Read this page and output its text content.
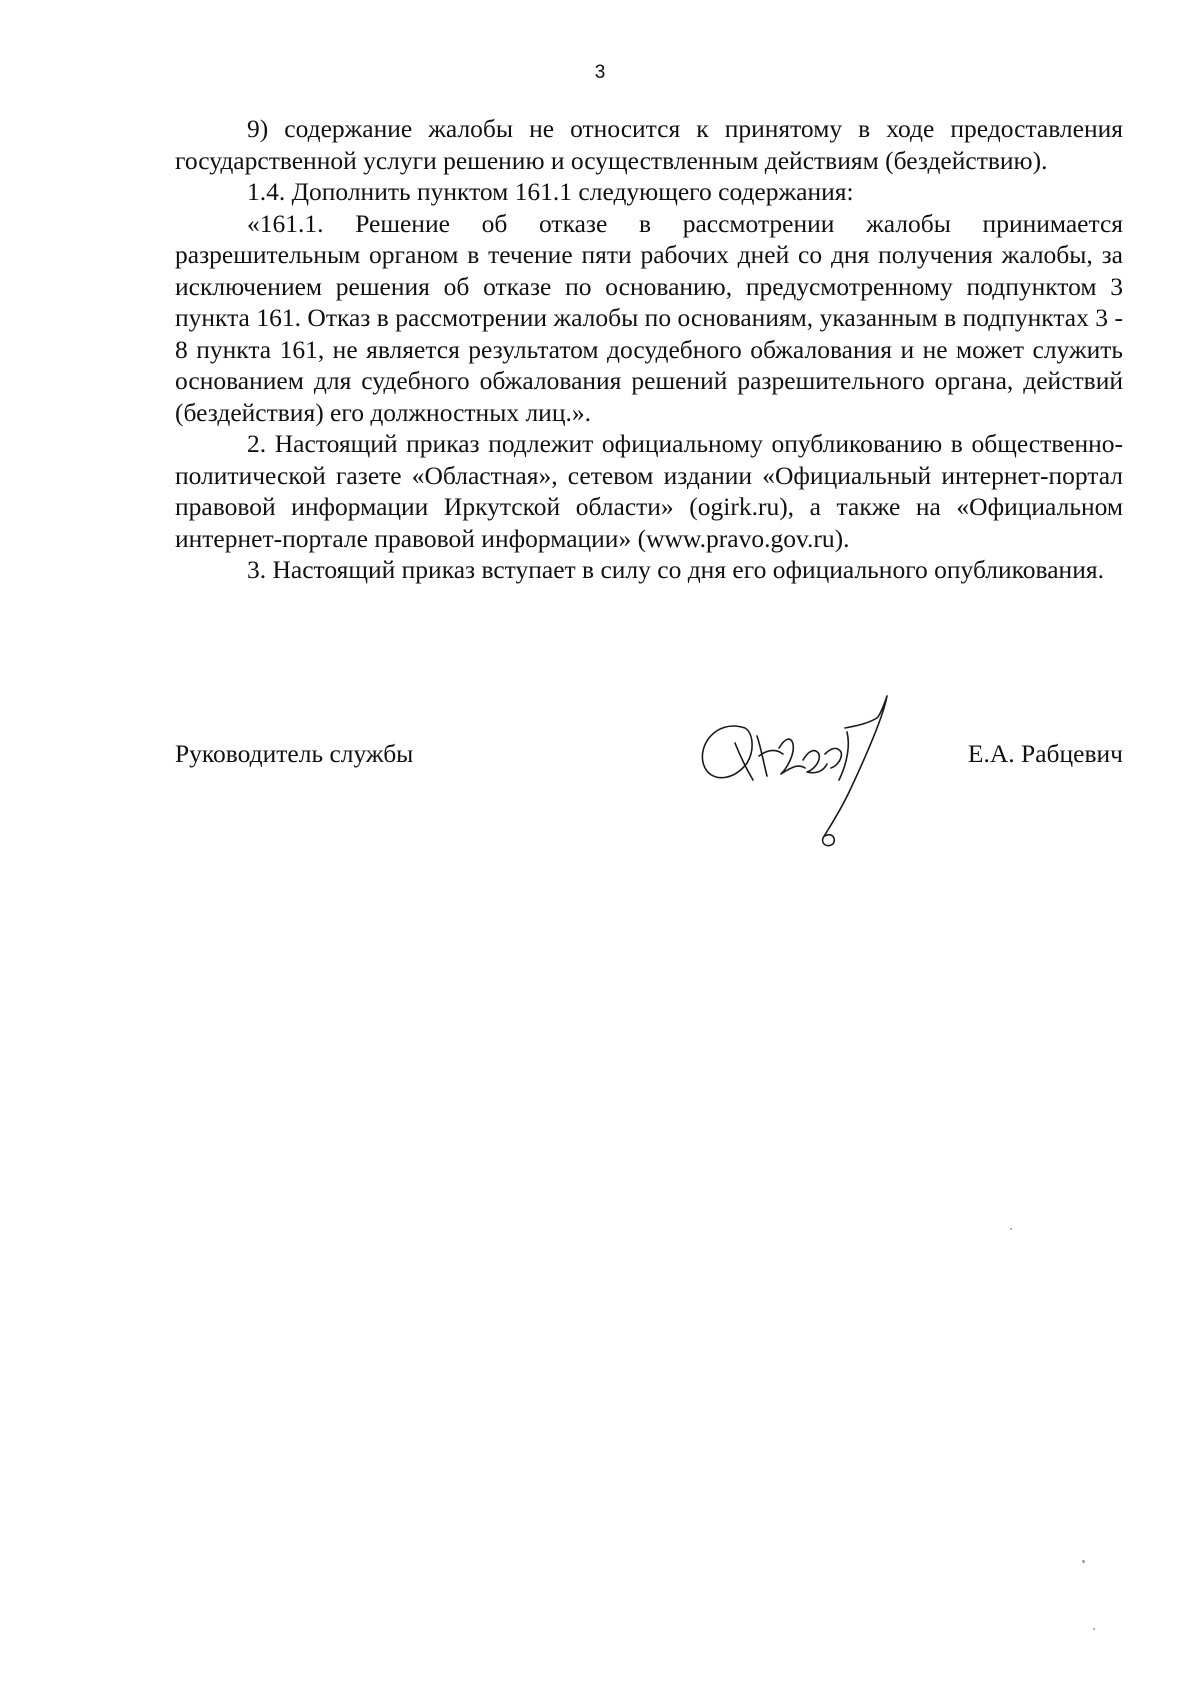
3

9) содержание жалобы не относится к принятому в ходе предоставления государственной услуги решению и осуществленным действиям (бездействию).

1.4. Дополнить пунктом 161.1 следующего содержания:

«161.1. Решение об отказе в рассмотрении жалобы принимается разрешительным органом в течение пяти рабочих дней со дня получения жалобы, за исключением решения об отказе по основанию, предусмотренному подпунктом 3 пункта 161. Отказ в рассмотрении жалобы по основаниям, указанным в подпунктах 3 - 8 пункта 161, не является результатом досудебного обжалования и не может служить основанием для судебного обжалования решений разрешительного органа, действий (бездействия) его должностных лиц.».

2. Настоящий приказ подлежит официальному опубликованию в общественно-политической газете «Областная», сетевом издании «Официальный интернет-портал правовой информации Иркутской области» (ogirk.ru), а также на «Официальном интернет-портале правовой информации» (www.pravo.gov.ru).

3. Настоящий приказ вступает в силу со дня его официального опубликования.

Руководитель службы	Е.А. Рабцевич
